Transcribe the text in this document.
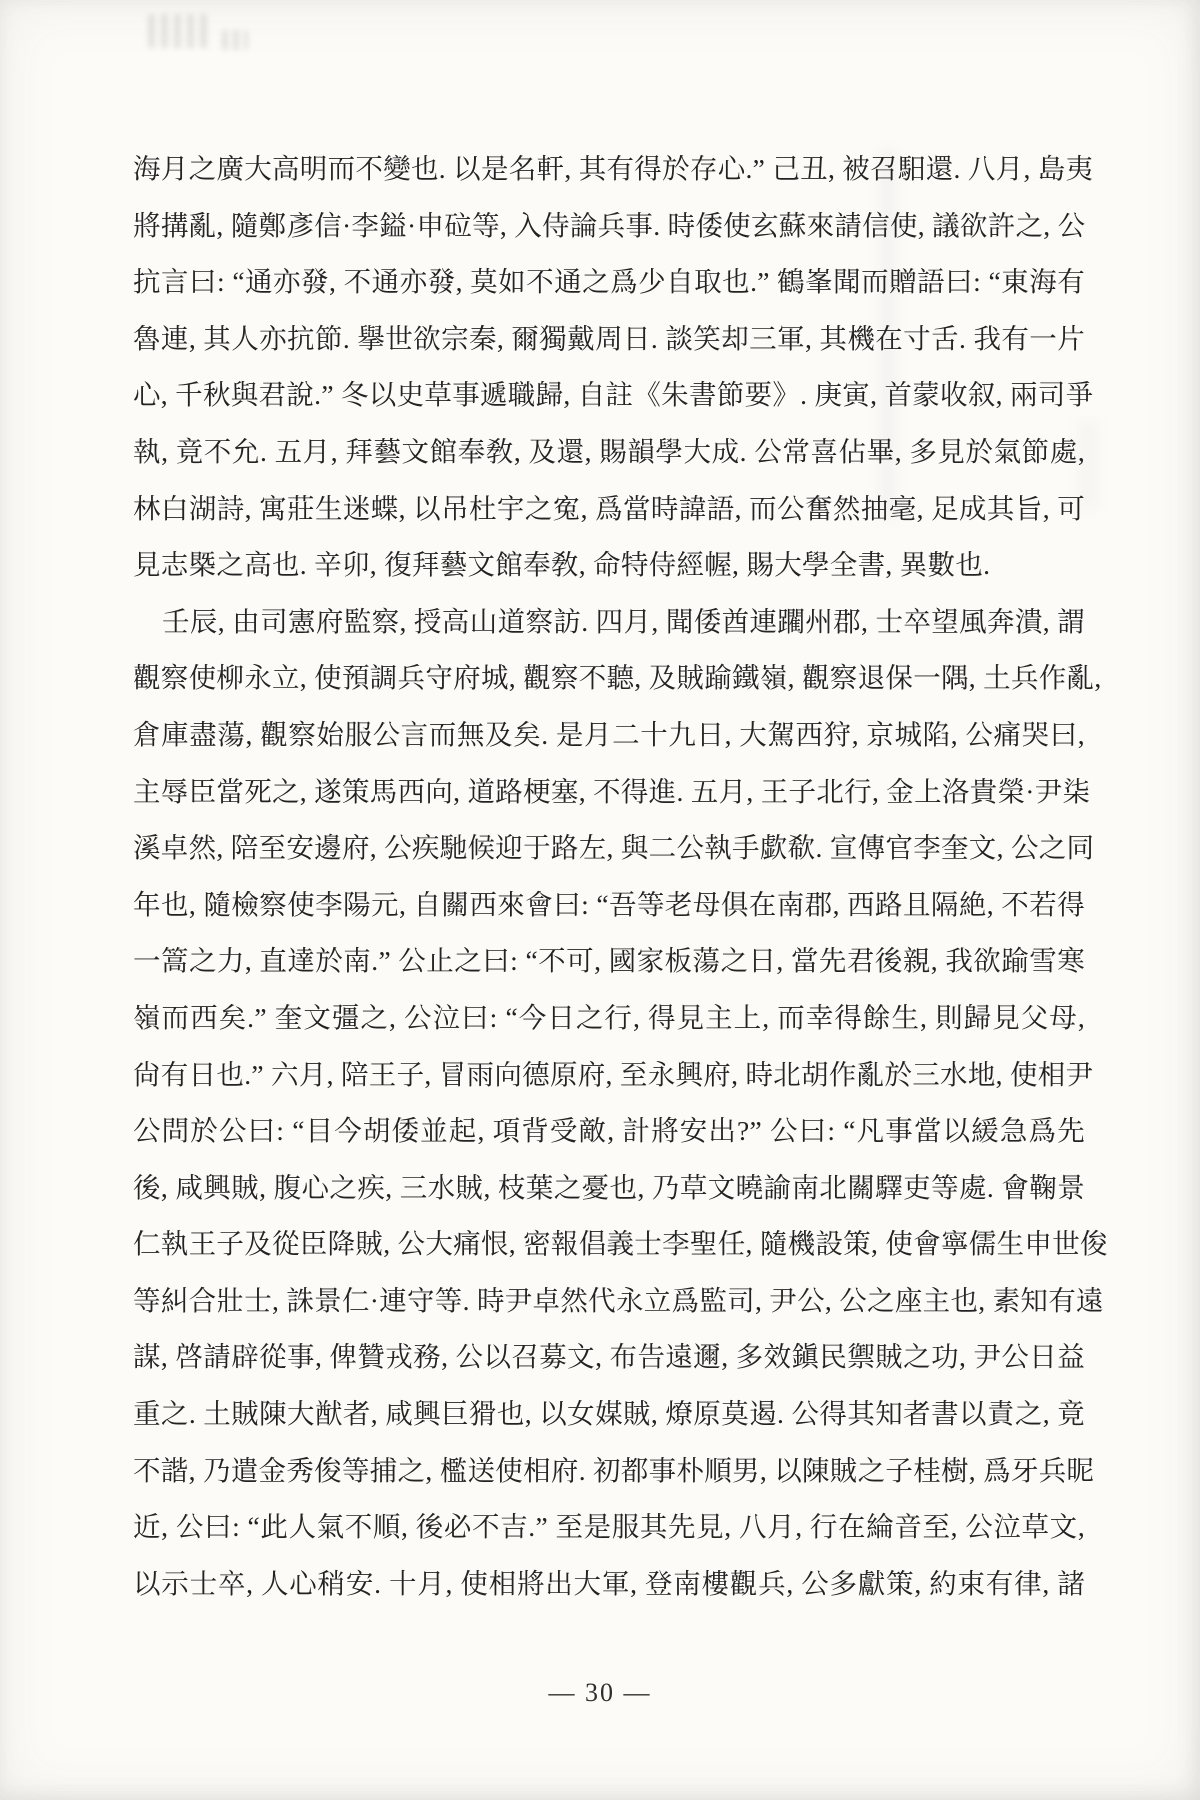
海月之廣大高明而不變也. 以是名軒, 其有得於存心.” 己丑, 被召馹還. 八月, 島夷
將搆亂, 隨鄭彥信·李鎰·申砬等, 入侍論兵事. 時倭使玄蘇來請信使, 議欲許之, 公
抗言曰: “通亦發, 不通亦發, 莫如不通之爲少自取也.” 鶴峯聞而贈語曰: “東海有
魯連, 其人亦抗節. 擧世欲宗秦, 爾獨戴周日. 談笑却三軍, 其機在寸舌. 我有一片
心, 千秋與君說.” 冬以史草事遞職歸, 自註《朱書節要》. 庚寅, 首蒙收叙, 兩司爭
執, 竟不允. 五月, 拜藝文館奉敎, 及還, 賜韻學大成. 公常喜佔畢, 多見於氣節處,
林白湖詩, 寓莊生迷蝶, 以吊杜宇之寃, 爲當時諱語, 而公奮然抽毫, 足成其旨, 可
見志槩之高也. 辛卯, 復拜藝文館奉敎, 命特侍經幄, 賜大學全書, 異數也.
壬辰, 由司憲府監察, 授高山道察訪. 四月, 聞倭酋連躙州郡, 士卒望風奔潰, 謂
觀察使柳永立, 使預調兵守府城, 觀察不聽, 及賊踰鐵嶺, 觀察退保一隅, 土兵作亂,
倉庫盡蕩, 觀察始服公言而無及矣. 是月二十九日, 大駕西狩, 京城陷, 公痛哭曰,
主辱臣當死之, 遂策馬西向, 道路梗塞, 不得進. 五月, 王子北行, 金上洛貴榮·尹柒
溪卓然, 陪至安邊府, 公疾馳候迎于路左, 與二公執手歔欷. 宣傳官李奎文, 公之同
年也, 隨檢察使李陽元, 自關西來會曰: “吾等老母俱在南郡, 西路且隔絶, 不若得
一篙之力, 直達於南.” 公止之曰: “不可, 國家板蕩之日, 當先君後親, 我欲踰雪寒
嶺而西矣.” 奎文彊之, 公泣曰: “今日之行, 得見主上, 而幸得餘生, 則歸見父母,
尙有日也.” 六月, 陪王子, 冒雨向德原府, 至永興府, 時北胡作亂於三水地, 使相尹
公問於公曰: “目今胡倭並起, 項背受敵, 計將安出?” 公曰: “凡事當以緩急爲先
後, 咸興賊, 腹心之疾, 三水賊, 枝葉之憂也, 乃草文曉諭南北關驛吏等處. 會鞠景
仁執王子及從臣降賊, 公大痛恨, 密報倡義士李聖任, 隨機設策, 使會寧儒生申世俊
等糾合壯士, 誅景仁·連守等. 時尹卓然代永立爲監司, 尹公, 公之座主也, 素知有遠
謀, 啓請辟從事, 俾贊戎務, 公以召募文, 布告遠邇, 多效鎭民禦賊之功, 尹公日益
重之. 土賊陳大猷者, 咸興巨猾也, 以女媒賊, 燎原莫遏. 公得其知者書以責之, 竟
不諧, 乃遣金秀俊等捕之, 檻送使相府. 初都事朴順男, 以陳賊之子桂樹, 爲牙兵昵
近, 公曰: “此人氣不順, 後必不吉.” 至是服其先見, 八月, 行在綸音至, 公泣草文,
以示士卒, 人心稍安. 十月, 使相將出大軍, 登南樓觀兵, 公多獻策, 約束有律, 諸
— 30 —
